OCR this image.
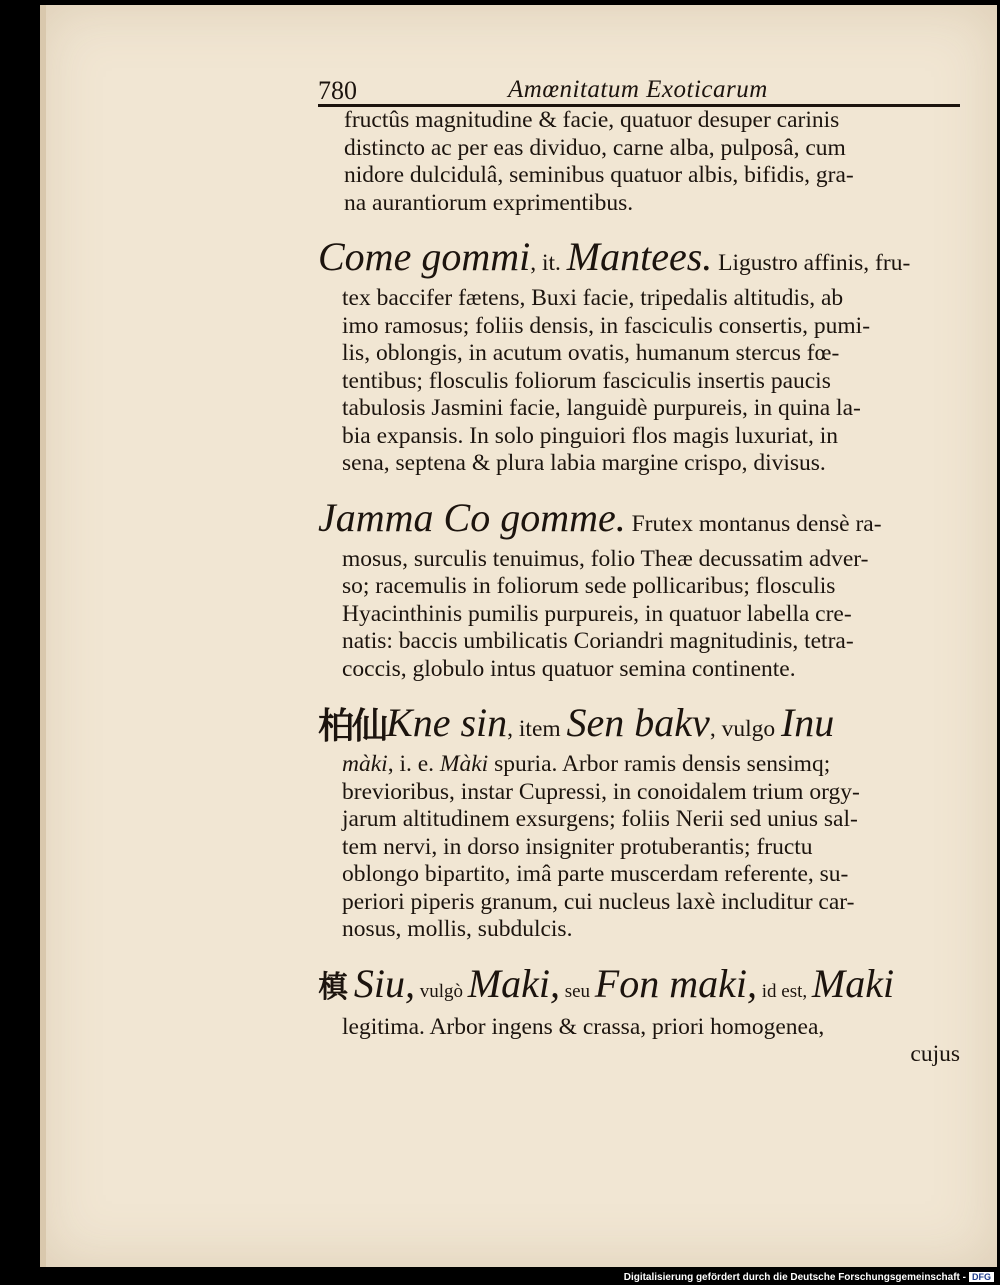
780	Amœnitatum Exoticarum

fructûs magnitudine & facie, quatuor desuper carinis

distincto ac per eas dividuo, carne alba, pulposâ, cum

nidore dulcidulâ, seminibus quatuor albis, bifidis, gra-

na aurantiorum exprimentibus.

Come gommi, it. Mantees. Ligustro affinis, fru-

tex baccifer fætens, Buxi facie, tripedalis altitudis, ab

imo ramosus; foliis densis, in fasciculis consertis, pumi-

lis, oblongis, in acutum ovatis, humanum stercus fœ-

tentibus; flosculis foliorum fasciculis insertis paucis

tabulosis Jasmini facie, languidè purpureis, in quina la-

bia expansis. In solo pinguiori flos magis luxuriat, in

sena, septena & plura labia margine crispo, divisus.

Jamma Co gomme. Frutex montanus densè ra-

mosus, surculis tenuimus, folio Theæ decussatim adver-

so; racemulis in foliorum sede pollicaribus; flosculis

Hyacinthinis pumilis purpureis, in quatuor labella cre-

natis: baccis umbilicatis Coriandri magnitudinis, tetra-

coccis, globulo intus quatuor semina continente.

柏仙Kne sin, item Sen bakv, vulgo Inu

màki, i. e. Màki spuria. Arbor ramis densis sensimq;

brevioribus, instar Cupressi, in conoidalem trium orgy-

jarum altitudinem exsurgens; foliis Nerii sed unius sal-

tem nervi, in dorso insigniter protuberantis; fructu

oblongo bipartito, imâ parte muscerdam referente, su-

periori piperis granum, cui nucleus laxè includitur car-

nosus, mollis, subdulcis.

槙 Siu, vulgò Maki, seu Fon maki, id est, Maki

legitima. Arbor ingens & crassa, priori homogenea,

cujus

Digitalisierung gefördert durch die Deutsche Forschungsgemeinschaft - DFG
